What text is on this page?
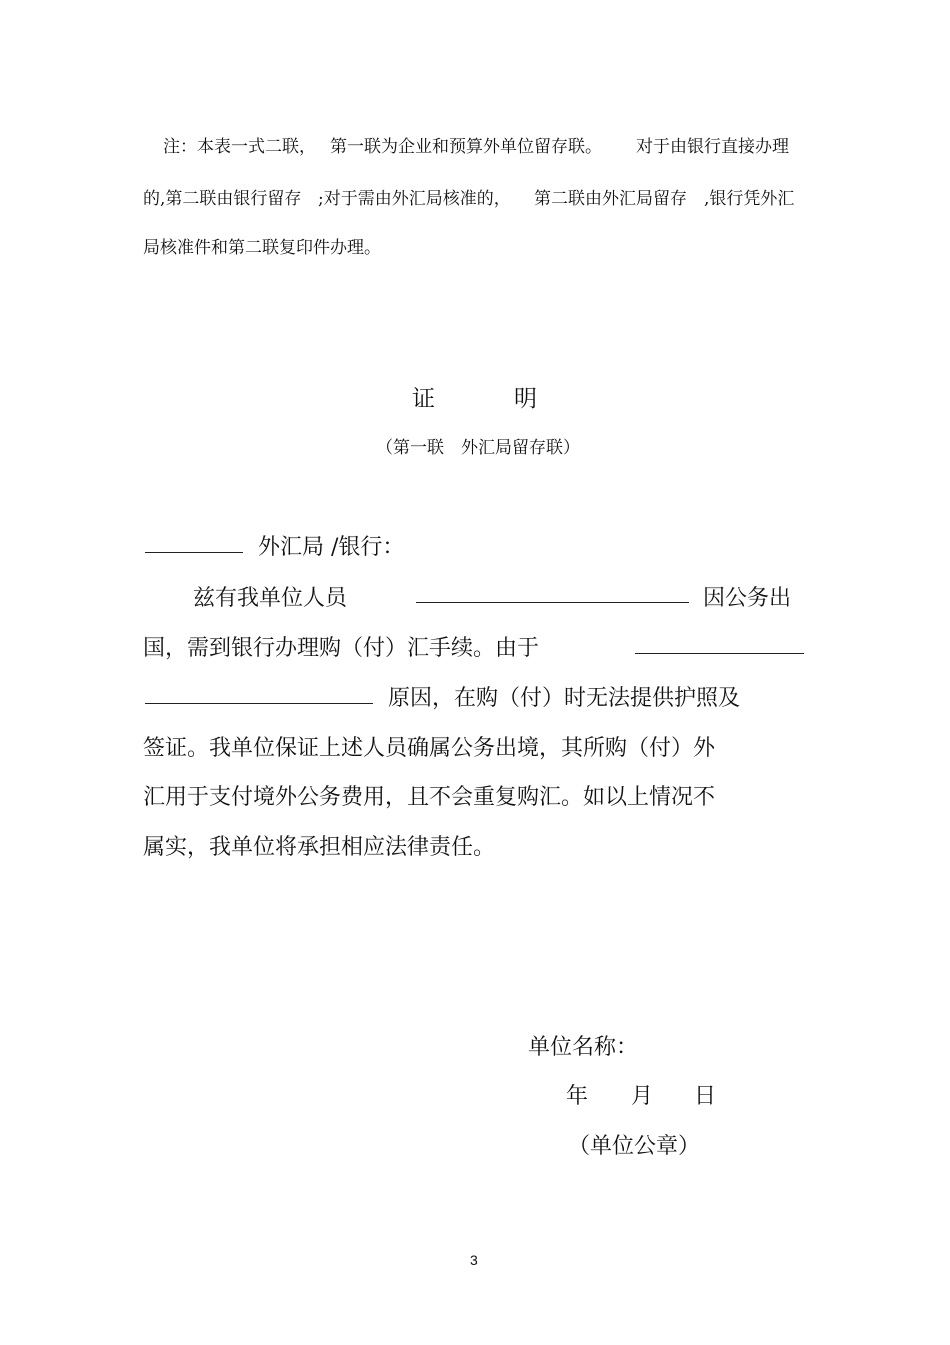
注：本表一式二联， 第一联为企业和预算外单位留存联。 对于由银行直接办理
的,第二联由银行留存 ;对于需由外汇局核准的， 第二联由外汇局留存 ,银行凭外汇
局核准件和第二联复印件办理。
证	明
（第一联　外汇局留存联）
外汇局 /银行：
兹有我单位人员	因公务出
国，需到银行办理购（付）汇手续。由于
原因，在购（付）时无法提供护照及
签证。我单位保证上述人员确属公务出境，其所购（付）外
汇用于支付境外公务费用，且不会重复购汇。如以上情况不
属实，我单位将承担相应法律责任。
单位名称：
年 月 日
（单位公章）
3
